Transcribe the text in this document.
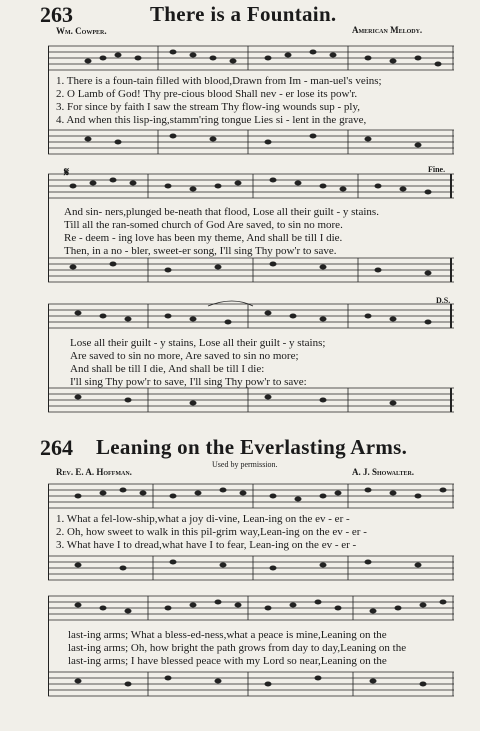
263	There is a Fountain.
Wm. Cowper.	American Melody.
1. There is a foun-tain filled with blood,Drawn from Im - man-uel's veins;
2. O Lamb of God! Thy pre-cious blood Shall nev - er lose its pow'r.
3. For since by faith I saw the stream Thy flow-ing wounds sup - ply,
4. And when this lisp-ing,stamm'ring tongue Lies si - lent in the grave,
𝄋	Fine.
And sin- ners,plunged be-neath that flood, Lose all their guilt - y stains.
Till all the ran-somed church of God Are saved, to sin no more.
Re - deem - ing love has been my theme, And shall be till I die.
Then, in a no - bler, sweet-er song, I'll sing Thy pow'r to save.
D.S.
Lose all their guilt - y stains, Lose all their guilt - y stains;
Are saved to sin no more, Are saved to sin no more;
And shall be till I die, And shall be till I die:
I'll sing Thy pow'r to save, I'll sing Thy pow'r to save:
264 Leaning on the Everlasting Arms.
Used by permission.
Rev. E. A. Hoffman.	A. J. Showalter.
1. What a fel-low-ship,what a joy di-vine, Lean-ing on the ev - er -
2. Oh, how sweet to walk in this pil-grim way,Lean-ing on the ev - er -
3. What have I to dread,what have I to fear, Lean-ing on the ev - er -
last-ing arms; What a bless-ed-ness,what a peace is mine,Leaning on the
last-ing arms; Oh, how bright the path grows from day to day,Leaning on the
last-ing arms; I have blessed peace with my Lord so near,Leaning on the
